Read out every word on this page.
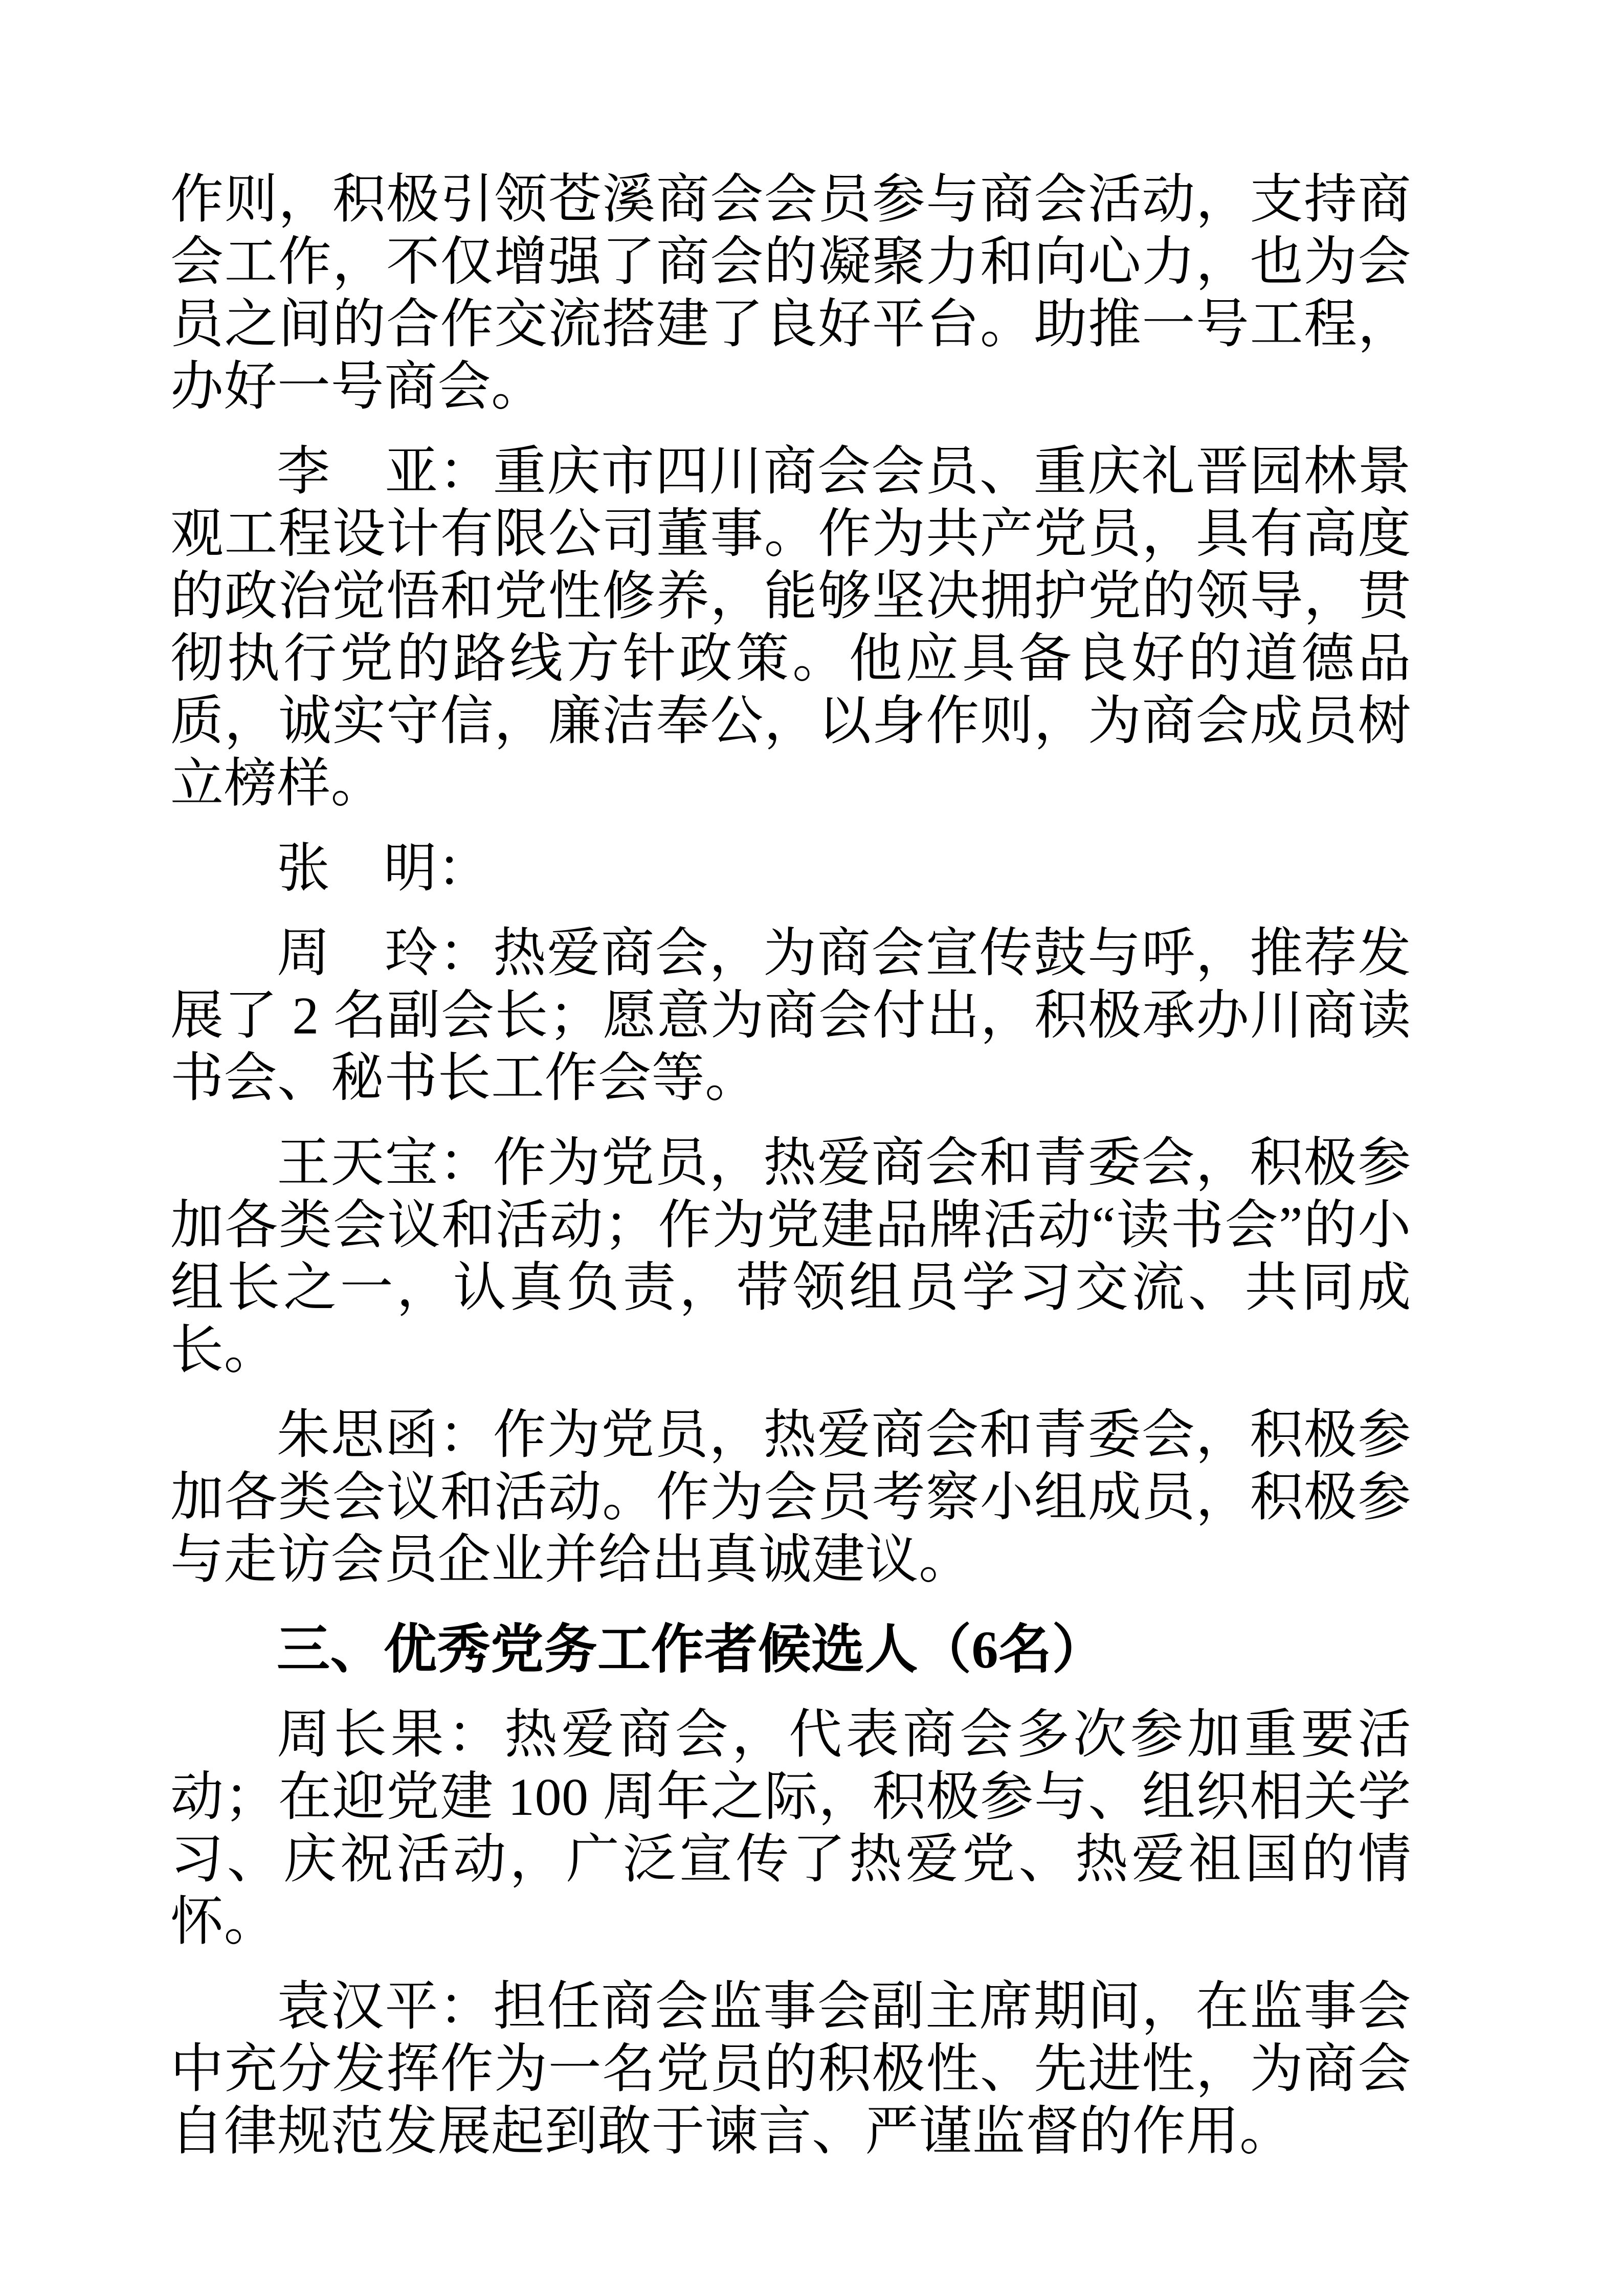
作则，积极引领苍溪商会会员参与商会活动，支持商会工作，不仅增强了商会的凝聚力和向心力，也为会员之间的合作交流搭建了良好平台。助推一号工程，办好一号商会。

李　亚：重庆市四川商会会员、重庆礼晋园林景观工程设计有限公司董事。作为共产党员，具有高度的政治觉悟和党性修养，能够坚决拥护党的领导，贯彻执行党的路线方针政策。他应具备良好的道德品质，诚实守信，廉洁奉公，以身作则，为商会成员树立榜样。

张　明：

周　玲：热爱商会，为商会宣传鼓与呼，推荐发展了 2 名副会长；愿意为商会付出，积极承办川商读书会、秘书长工作会等。

王天宝：作为党员，热爱商会和青委会，积极参加各类会议和活动；作为党建品牌活动“读书会”的小组长之一，认真负责，带领组员学习交流、共同成长。

朱思函：作为党员，热爱商会和青委会，积极参加各类会议和活动。作为会员考察小组成员，积极参与走访会员企业并给出真诚建议。

三、优秀党务工作者候选人（6名）

周长果：热爱商会，代表商会多次参加重要活动；在迎党建 100 周年之际，积极参与、组织相关学习、庆祝活动，广泛宣传了热爱党、热爱祖国的情怀。

袁汉平：担任商会监事会副主席期间，在监事会中充分发挥作为一名党员的积极性、先进性，为商会自律规范发展起到敢于谏言、严谨监督的作用。
